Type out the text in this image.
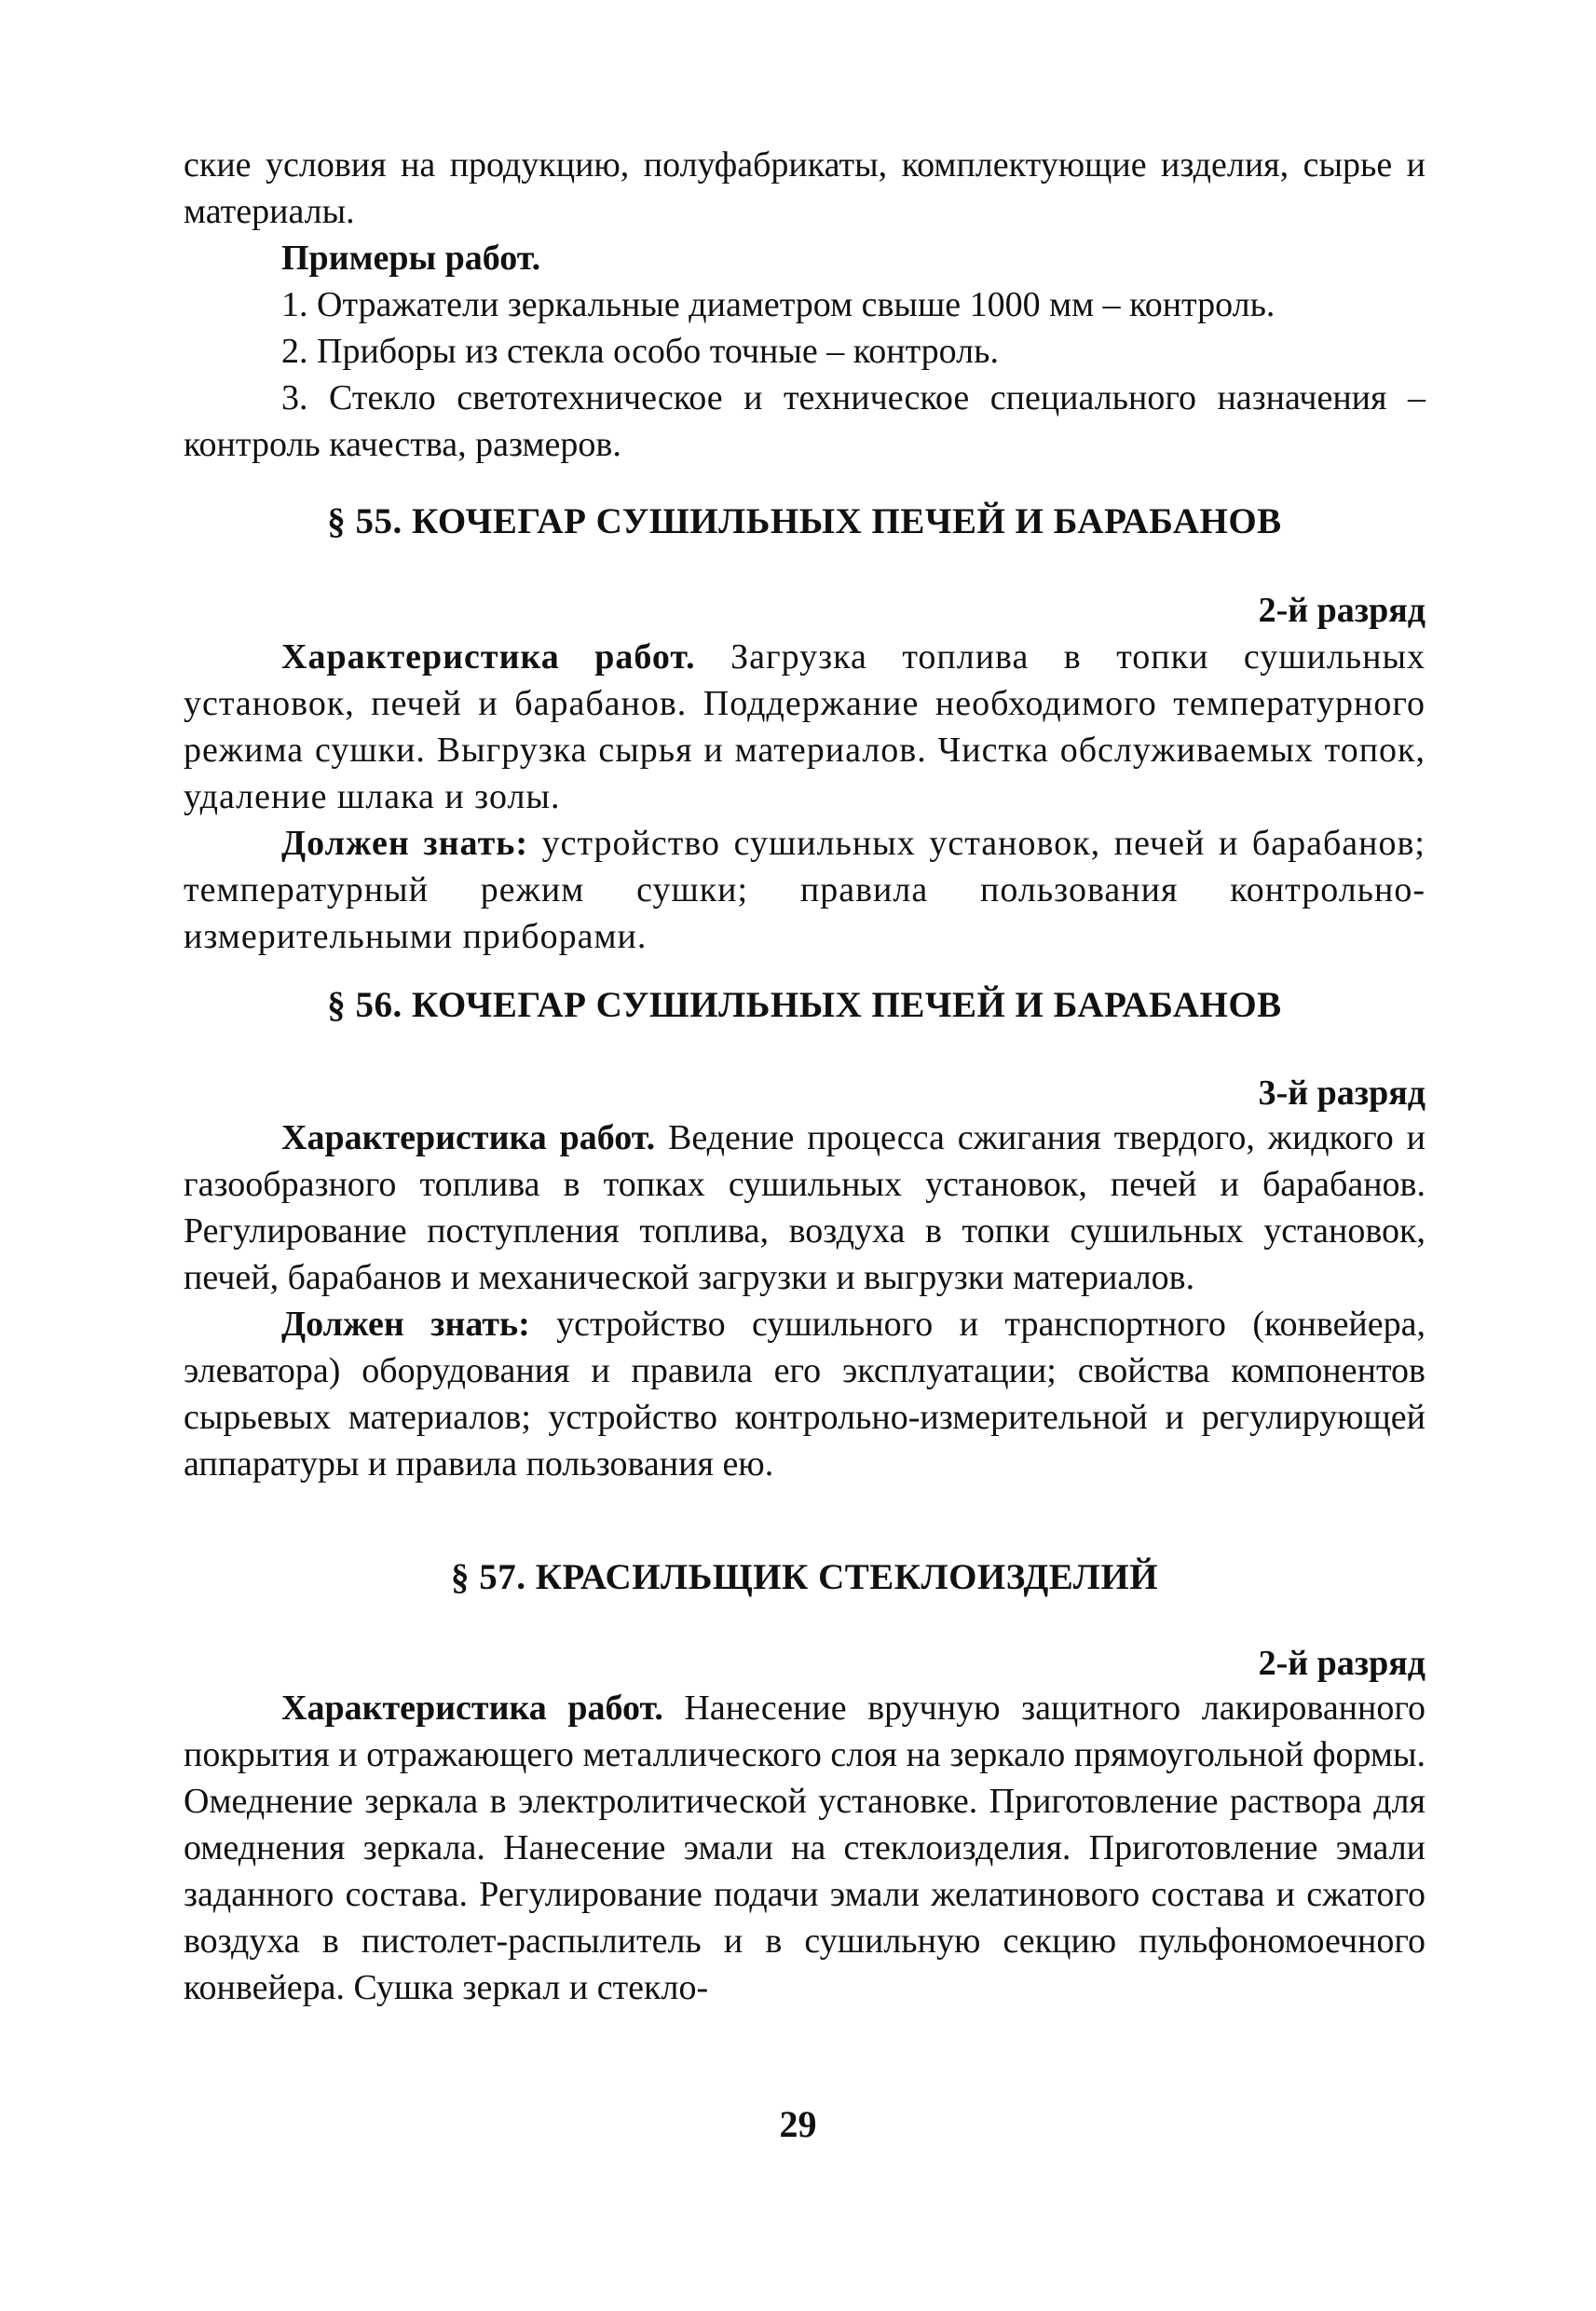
ские условия на продукцию, полуфабрикаты, комплектующие изделия, сырье и материалы.

Примеры работ.

1. Отражатели зеркальные диаметром свыше 1000 мм – контроль.

2. Приборы из стекла особо точные – контроль.

3. Стекло светотехническое и техническое специального назначения – контроль качества, размеров.

§ 55. КОЧЕГАР СУШИЛЬНЫХ ПЕЧЕЙ И БАРАБАНОВ
2-й разряд

Характеристика работ. Загрузка топлива в топки сушильных установок, печей и барабанов. Поддержание необходимого температурного режима сушки. Выгрузка сырья и материалов. Чистка обслуживаемых топок, удаление шлака и золы.

Должен знать: устройство сушильных установок, печей и барабанов; температурный режим сушки; правила пользования контрольно-измерительными приборами.

§ 56. КОЧЕГАР СУШИЛЬНЫХ ПЕЧЕЙ И БАРАБАНОВ
3-й разряд

Характеристика работ. Ведение процесса сжигания твердого, жидкого и газообразного топлива в топках сушильных установок, печей и барабанов. Регулирование поступления топлива, воздуха в топки сушильных установок, печей, барабанов и механической загрузки и выгрузки материалов.

Должен знать: устройство сушильного и транспортного (конвейера, элеватора) оборудования и правила его эксплуатации; свойства компонентов сырьевых материалов; устройство контрольно-измерительной и регулирующей аппаратуры и правила пользования ею.

§ 57. КРАСИЛЬЩИК СТЕКЛОИЗДЕЛИЙ
2-й разряд

Характеристика работ. Нанесение вручную защитного лакированного покрытия и отражающего металлического слоя на зеркало прямоугольной формы. Омеднение зеркала в электролитической установке. Приготовление раствора для омеднения зеркала. Нанесение эмали на стеклоизделия. Приготовление эмали заданного состава. Регулирование подачи эмали желатинового состава и сжатого воздуха в пистолет-распылитель и в сушильную секцию пульфономоечного конвейера. Сушка зеркал и стекло-

29
